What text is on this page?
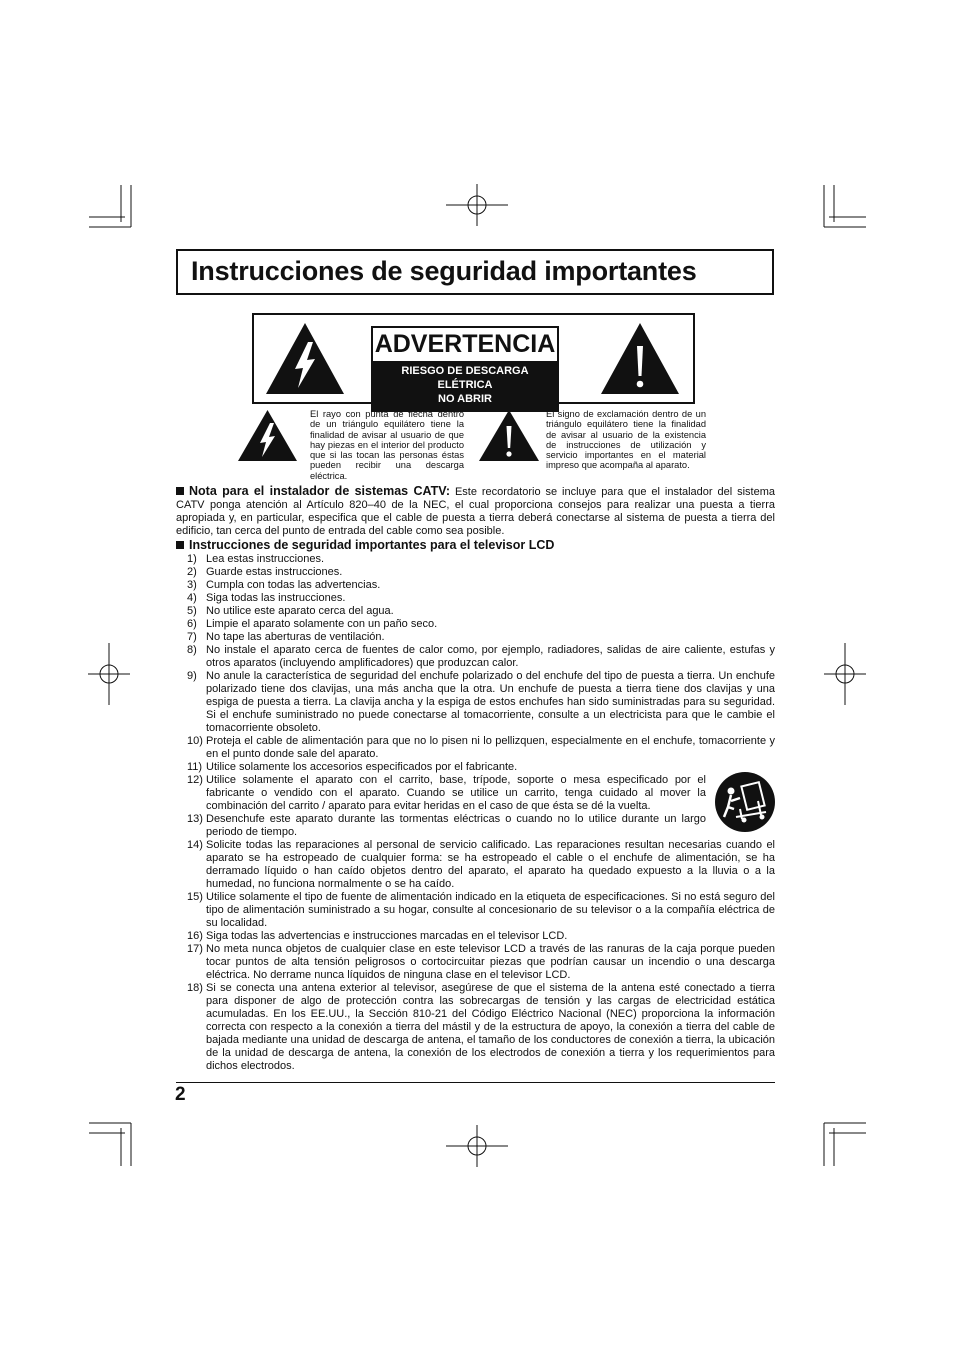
Instrucciones de seguridad importantes
ADVERTENCIA
RIESGO DE DESCARGA ELÉTRICA
NO ABRIR

El rayo con punta de flecha dentro de un triángulo equilátero tiene la finalidad de avisar al usuario de que hay piezas en el interior del producto que si las tocan las personas éstas pueden recibir una descarga eléctrica.

El signo de exclamación dentro de un triángulo equilátero tiene la finalidad de avisar al usuario de la existencia de instrucciones de utilización y servicio importantes en el material impreso que acompaña al aparato.

Nota para el instalador de sistemas CATV: Este recordatorio se incluye para que el instalador del sistema CATV ponga atención al Artículo 820–40 de la NEC, el cual proporciona consejos para realizar una puesta a tierra apropiada y, en particular, especifica que el cable de puesta a tierra deberá conectarse al sistema de puesta a tierra del edificio, tan cerca del punto de entrada del cable como sea posible.

Instrucciones de seguridad importantes para el televisor LCD

1) Lea estas instrucciones.
2) Guarde estas instrucciones.
3) Cumpla con todas las advertencias.
4) Siga todas las instrucciones.
5) No utilice este aparato cerca del agua.
6) Limpie el aparato solamente con un paño seco.
7) No tape las aberturas de ventilación.
8) No instale el aparato cerca de fuentes de calor como, por ejemplo, radiadores, salidas de aire caliente, estufas y otros aparatos (incluyendo amplificadores) que produzcan calor.
9) No anule la característica de seguridad del enchufe polarizado o del enchufe del tipo de puesta a tierra. Un enchufe polarizado tiene dos clavijas, una más ancha que la otra. Un enchufe de puesta a tierra tiene dos clavijas y una espiga de puesta a tierra. La clavija ancha y la espiga de estos enchufes han sido suministradas para su seguridad. Si el enchufe suministrado no puede conectarse al tomacorriente, consulte a un electricista para que le cambie el tomacorriente obsoleto.
10) Proteja el cable de alimentación para que no lo pisen ni lo pellizquen, especialmente en el enchufe, tomacorriente y en el punto donde sale del aparato.
11) Utilice solamente los accesorios especificados por el fabricante.
12) Utilice solamente el aparato con el carrito, base, trípode, soporte o mesa especificado por el fabricante o vendido con el aparato. Cuando se utilice un carrito, tenga cuidado al mover la combinación del carrito / aparato para evitar heridas en el caso de que ésta se dé la vuelta.
13) Desenchufe este aparato durante las tormentas eléctricas o cuando no lo utilice durante un largo periodo de tiempo.
14) Solicite todas las reparaciones al personal de servicio calificado. Las reparaciones resultan necesarias cuando el aparato se ha estropeado de cualquier forma: se ha estropeado el cable o el enchufe de alimentación, se ha derramado líquido o han caído objetos dentro del aparato, el aparato ha quedado expuesto a la lluvia o a la humedad, no funciona normalmente o se ha caído.
15) Utilice solamente el tipo de fuente de alimentación indicado en la etiqueta de especificaciones. Si no está seguro del tipo de alimentación suministrado a su hogar, consulte al concesionario de su televisor o a la compañía eléctrica de su localidad.
16) Siga todas las advertencias e instrucciones marcadas en el televisor LCD.
17) No meta nunca objetos de cualquier clase en este televisor LCD a través de las ranuras de la caja porque pueden tocar puntos de alta tensión peligrosos o cortocircuitar piezas que podrían causar un incendio o una descarga eléctrica. No derrame nunca líquidos de ninguna clase en el televisor LCD.
18) Si se conecta una antena exterior al televisor, asegúrese de que el sistema de la antena esté conectado a tierra para disponer de algo de protección contra las sobrecargas de tensión y las cargas de electricidad estática acumuladas. En los EE.UU., la Sección 810-21 del Código Eléctrico Nacional (NEC) proporciona la información correcta con respecto a la conexión a tierra del mástil y de la estructura de apoyo, la conexión a tierra del cable de bajada mediante una unidad de descarga de antena, el tamaño de los conductores de conexión a tierra, la ubicación de la unidad de descarga de antena, la conexión de los electrodos de conexión a tierra y los requerimientos para dichos electrodos.

2
